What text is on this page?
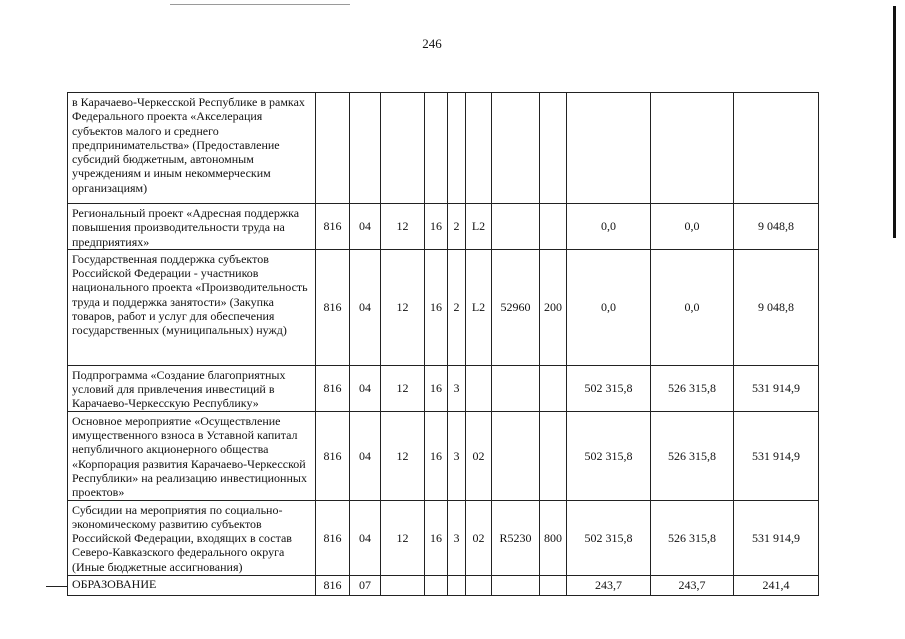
246
в Карачаево-Черкесской Республике в рамках Федерального проекта «Акселерация субъектов малого и среднего предпринимательства» (Предоставление субсидий бюджетным, автономным учреждениям и иным некоммерческим организациям)											
Региональный проект «Адресная поддержка повышения производительности труда на предприятиях»	816	04	12	16	2	L2			0,0	0,0	9 048,8
Государственная поддержка субъектов Российской Федерации - участников национального проекта «Производительность труда и поддержка занятости» (Закупка товаров, работ и услуг для обеспечения государственных (муниципальных) нужд)	816	04	12	16	2	L2	52960	200	0,0	0,0	9 048,8
Подпрограмма «Создание благоприятных условий для привлечения инвестиций в Карачаево-Черкесскую Республику»	816	04	12	16	3				502 315,8	526 315,8	531 914,9
Основное мероприятие «Осуществление имущественного взноса в Уставной капитал непубличного акционерного общества «Корпорация развития Карачаево-Черкесской Республики» на реализацию инвестиционных проектов»	816	04	12	16	3	02			502 315,8	526 315,8	531 914,9
Субсидии на мероприятия по социально-экономическому развитию субъектов Российской Федерации, входящих в состав Северо-Кавказского федерального округа (Иные бюджетные ассигнования)	816	04	12	16	3	02	R5230	800	502 315,8	526 315,8	531 914,9
ОБРАЗОВАНИЕ	816	07							243,7	243,7	241,4
